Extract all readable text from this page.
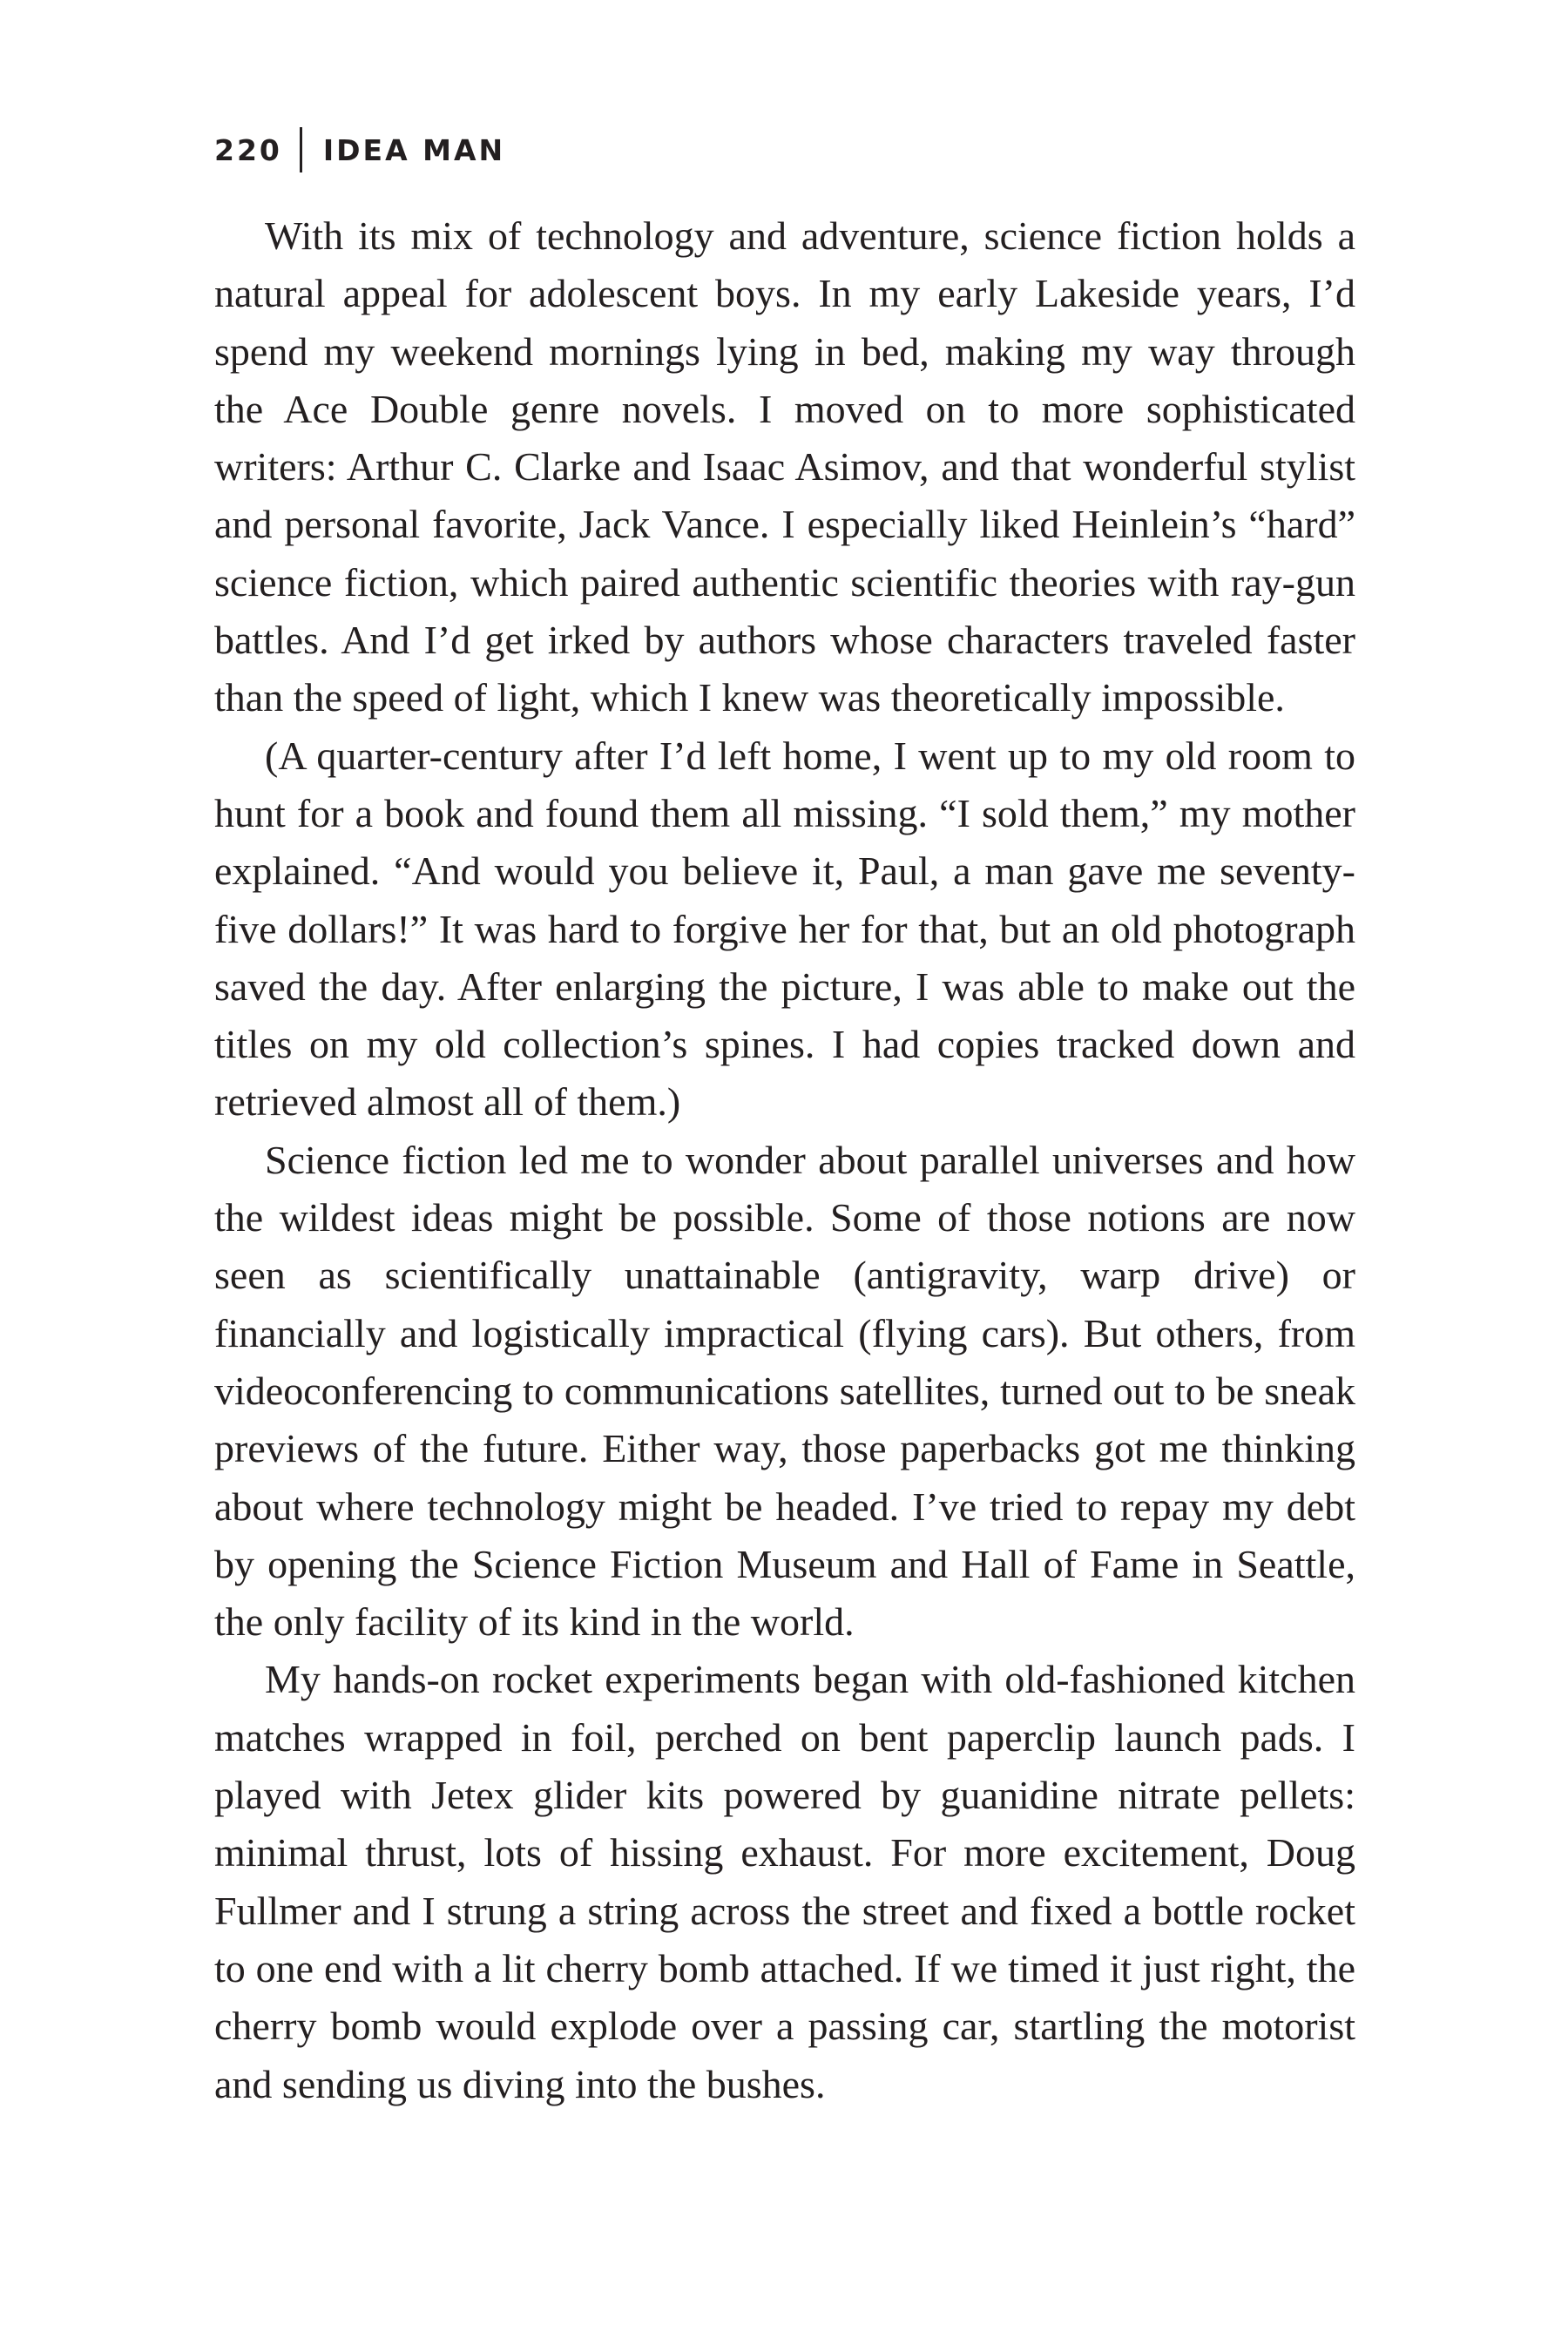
220 IDEA MAN

With its mix of technology and adventure, science fiction holds a natural appeal for adolescent boys. In my early Lakeside years, I’d spend my weekend mornings lying in bed, making my way through the Ace Double genre novels. I moved on to more sophisticated writers: Arthur C. Clarke and Isaac Asimov, and that wonderful stylist and personal favorite, Jack Vance. I especially liked Heinlein’s “hard” science fiction, which paired authentic scientific theories with ray-gun battles. And I’d get irked by authors whose characters traveled faster than the speed of light, which I knew was theoretically impossible.

(A quarter-century after I’d left home, I went up to my old room to hunt for a book and found them all missing. “I sold them,” my mother explained. “And would you believe it, Paul, a man gave me seventy-five dollars!” It was hard to forgive her for that, but an old photograph saved the day. After enlarging the picture, I was able to make out the titles on my old collection’s spines. I had copies tracked down and retrieved almost all of them.)

Science fiction led me to wonder about parallel universes and how the wildest ideas might be possible. Some of those notions are now seen as scientifically unattainable (antigravity, warp drive) or financially and logistically impractical (flying cars). But others, from videoconferencing to communications satellites, turned out to be sneak previews of the future. Either way, those paperbacks got me thinking about where technology might be headed. I’ve tried to repay my debt by opening the Science Fiction Museum and Hall of Fame in Seattle, the only facility of its kind in the world.

My hands-on rocket experiments began with old-fashioned kitchen matches wrapped in foil, perched on bent paperclip launch pads. I played with Jetex glider kits powered by guanidine nitrate pellets: minimal thrust, lots of hissing exhaust. For more excitement, Doug Fullmer and I strung a string across the street and fixed a bottle rocket to one end with a lit cherry bomb attached. If we timed it just right, the cherry bomb would explode over a passing car, startling the motorist and sending us diving into the bushes.
